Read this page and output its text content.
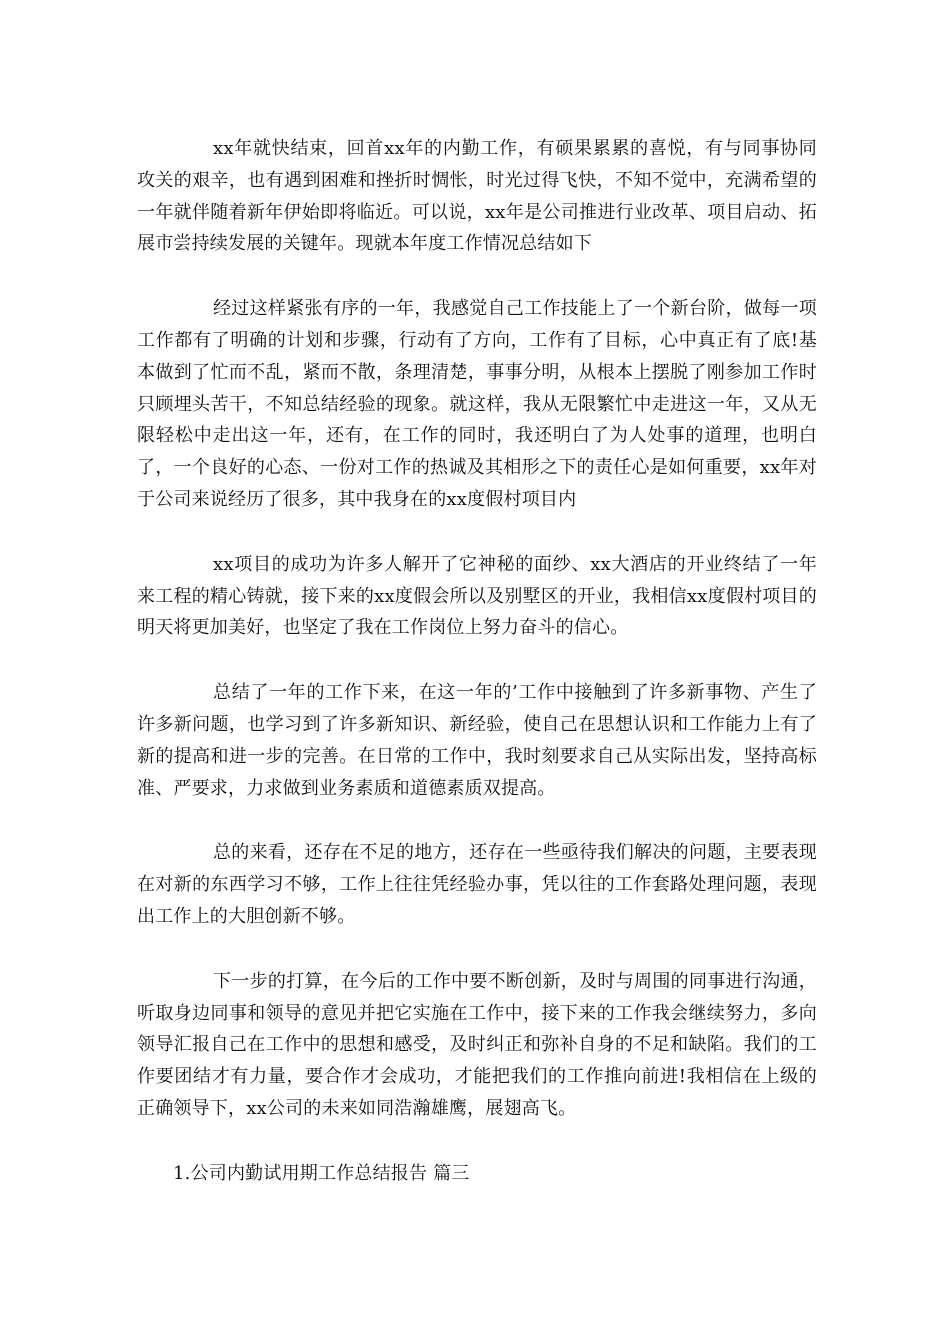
xx年就快结束，回首xx年的内勤工作，有硕果累累的喜悦，有与同事协同攻关的艰辛，也有遇到困难和挫折时惆怅，时光过得飞快，不知不觉中，充满希望的一年就伴随着新年伊始即将临近。可以说，xx年是公司推进行业改革、项目启动、拓展市尝持续发展的关键年。现就本年度工作情况总结如下

经过这样紧张有序的一年，我感觉自己工作技能上了一个新台阶，做每一项工作都有了明确的计划和步骤，行动有了方向，工作有了目标，心中真正有了底!基本做到了忙而不乱，紧而不散，条理清楚，事事分明，从根本上摆脱了刚参加工作时只顾埋头苦干，不知总结经验的现象。就这样，我从无限繁忙中走进这一年，又从无限轻松中走出这一年，还有，在工作的同时，我还明白了为人处事的道理，也明白了，一个良好的心态、一份对工作的热诚及其相形之下的责任心是如何重要，xx年对于公司来说经历了很多，其中我身在的xx度假村项目内

xx项目的成功为许多人解开了它神秘的面纱、xx大酒店的开业终结了一年来工程的精心铸就，接下来的xx度假会所以及别墅区的开业，我相信xx度假村项目的明天将更加美好，也坚定了我在工作岗位上努力奋斗的信心。

总结了一年的工作下来，在这一年的’工作中接触到了许多新事物、产生了许多新问题，也学习到了许多新知识、新经验，使自己在思想认识和工作能力上有了新的提高和进一步的完善。在日常的工作中，我时刻要求自己从实际出发，坚持高标准、严要求，力求做到业务素质和道德素质双提高。

总的来看，还存在不足的地方，还存在一些亟待我们解决的问题，主要表现在对新的东西学习不够，工作上往往凭经验办事，凭以往的工作套路处理问题，表现出工作上的大胆创新不够。

下一步的打算，在今后的工作中要不断创新，及时与周围的同事进行沟通，听取身边同事和领导的意见并把它实施在工作中，接下来的工作我会继续努力，多向领导汇报自己在工作中的思想和感受，及时纠正和弥补自身的不足和缺陷。我们的工作要团结才有力量，要合作才会成功，才能把我们的工作推向前进!我相信在上级的正确领导下，xx公司的未来如同浩瀚雄鹰，展翅高飞。

1.公司内勤试用期工作总结报告 篇三
